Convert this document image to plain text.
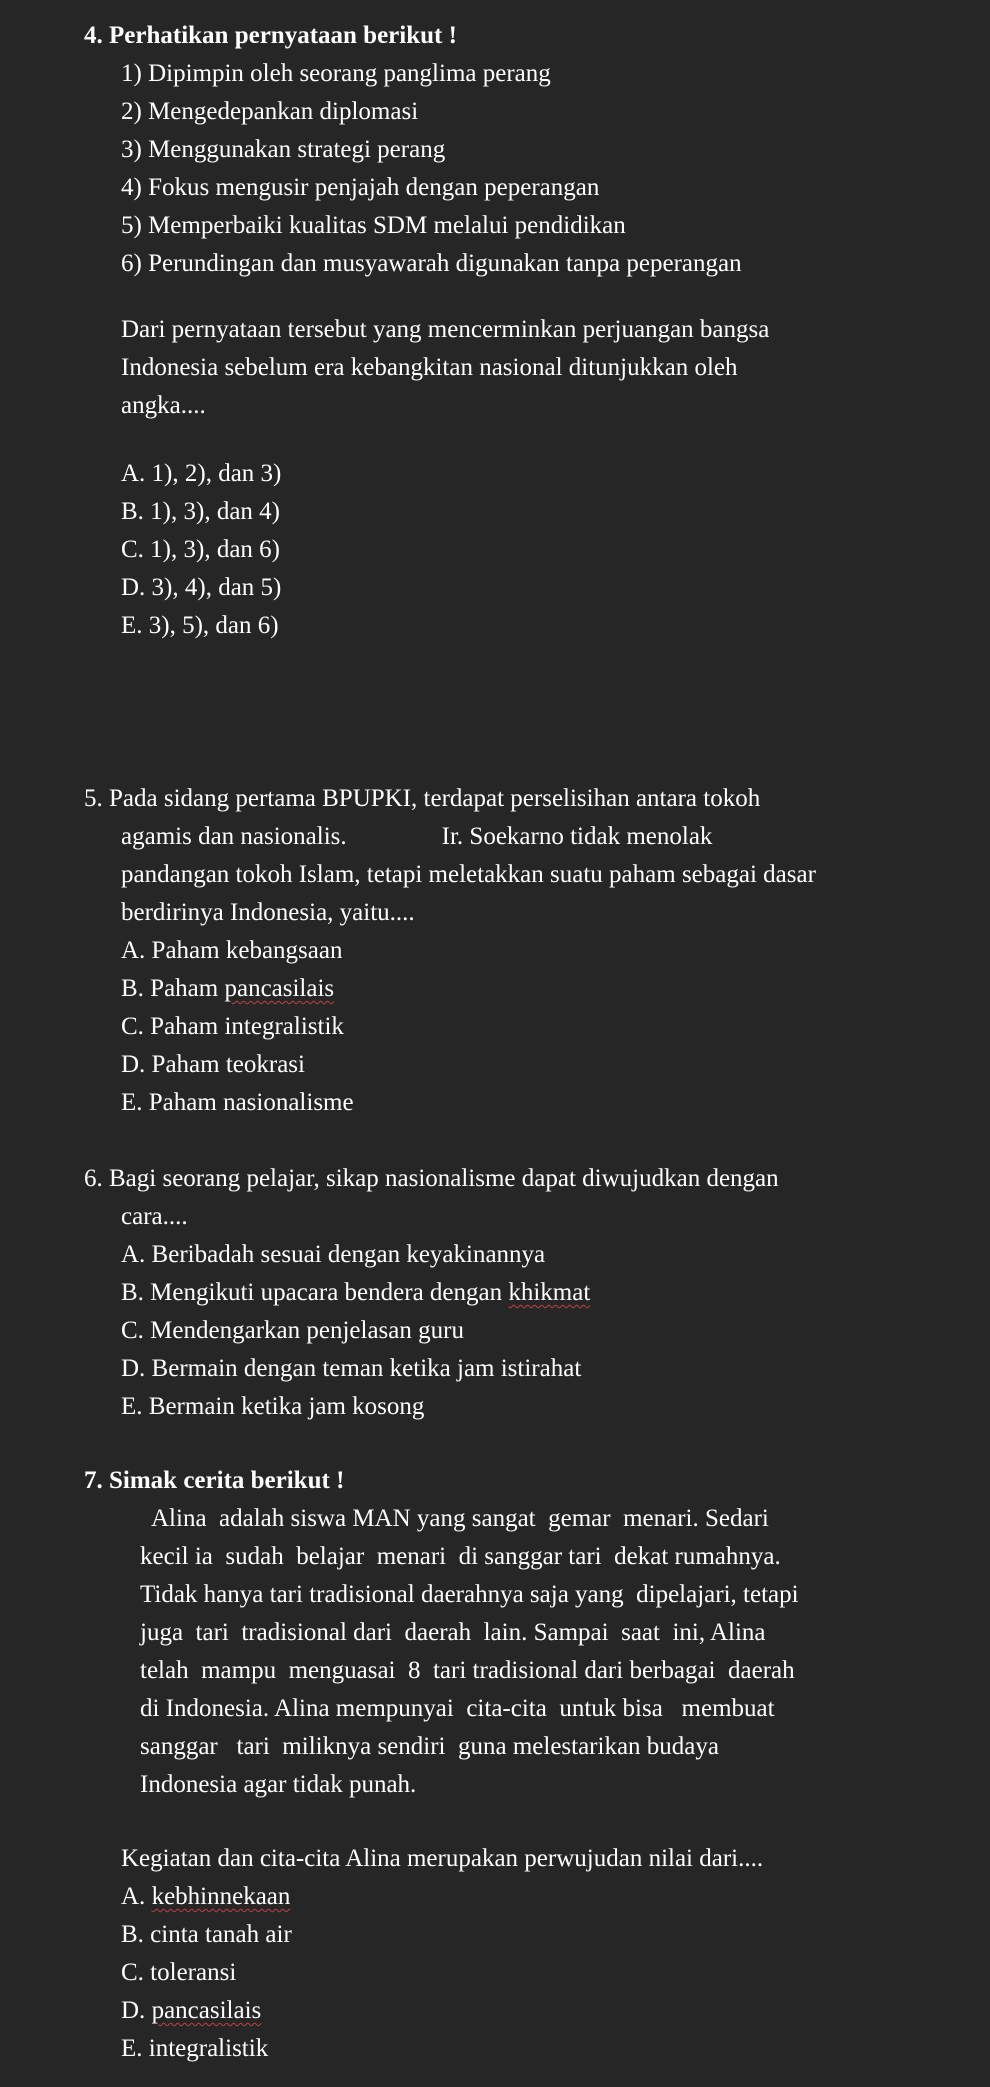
4. Perhatikan pernyataan berikut !
1) Dipimpin oleh seorang panglima perang
2) Mengedepankan diplomasi
3) Menggunakan strategi perang
4) Fokus mengusir penjajah dengan peperangan
5) Memperbaiki kualitas SDM melalui pendidikan
6) Perundingan dan musyawarah digunakan tanpa peperangan
Dari pernyataan tersebut yang mencerminkan perjuangan bangsa
Indonesia sebelum era kebangkitan nasional ditunjukkan oleh
angka....
A. 1), 2), dan 3)
B. 1), 3), dan 4)
C. 1), 3), dan 6)
D. 3), 4), dan 5)
E. 3), 5), dan 6)
5. Pada sidang pertama BPUPKI, terdapat perselisihan antara tokoh
agamis dan nasionalis.	Ir. Soekarno tidak menolak
pandangan tokoh Islam, tetapi meletakkan suatu paham sebagai dasar
berdirinya Indonesia, yaitu....
A. Paham kebangsaan
B. Paham pancasilais
C. Paham integralistik
D. Paham teokrasi
E. Paham nasionalisme
6. Bagi seorang pelajar, sikap nasionalisme dapat diwujudkan dengan
cara....
A. Beribadah sesuai dengan keyakinannya
B. Mengikuti upacara bendera dengan khikmat
C. Mendengarkan penjelasan guru
D. Bermain dengan teman ketika jam istirahat
E. Bermain ketika jam kosong
7. Simak cerita berikut !
Alina  adalah siswa MAN yang sangat  gemar  menari. Sedari
kecil ia  sudah  belajar  menari  di sanggar tari  dekat rumahnya.
Tidak hanya tari tradisional daerahnya saja yang  dipelajari, tetapi
juga  tari  tradisional dari  daerah  lain. Sampai  saat  ini, Alina
telah  mampu  menguasai  8  tari tradisional dari berbagai  daerah
di Indonesia. Alina mempunyai  cita-cita  untuk bisa   membuat
sanggar   tari  miliknya sendiri  guna melestarikan budaya
Indonesia agar tidak punah.
Kegiatan dan cita-cita Alina merupakan perwujudan nilai dari....
A. kebhinnekaan
B. cinta tanah air
C. toleransi
D. pancasilais
E. integralistik
